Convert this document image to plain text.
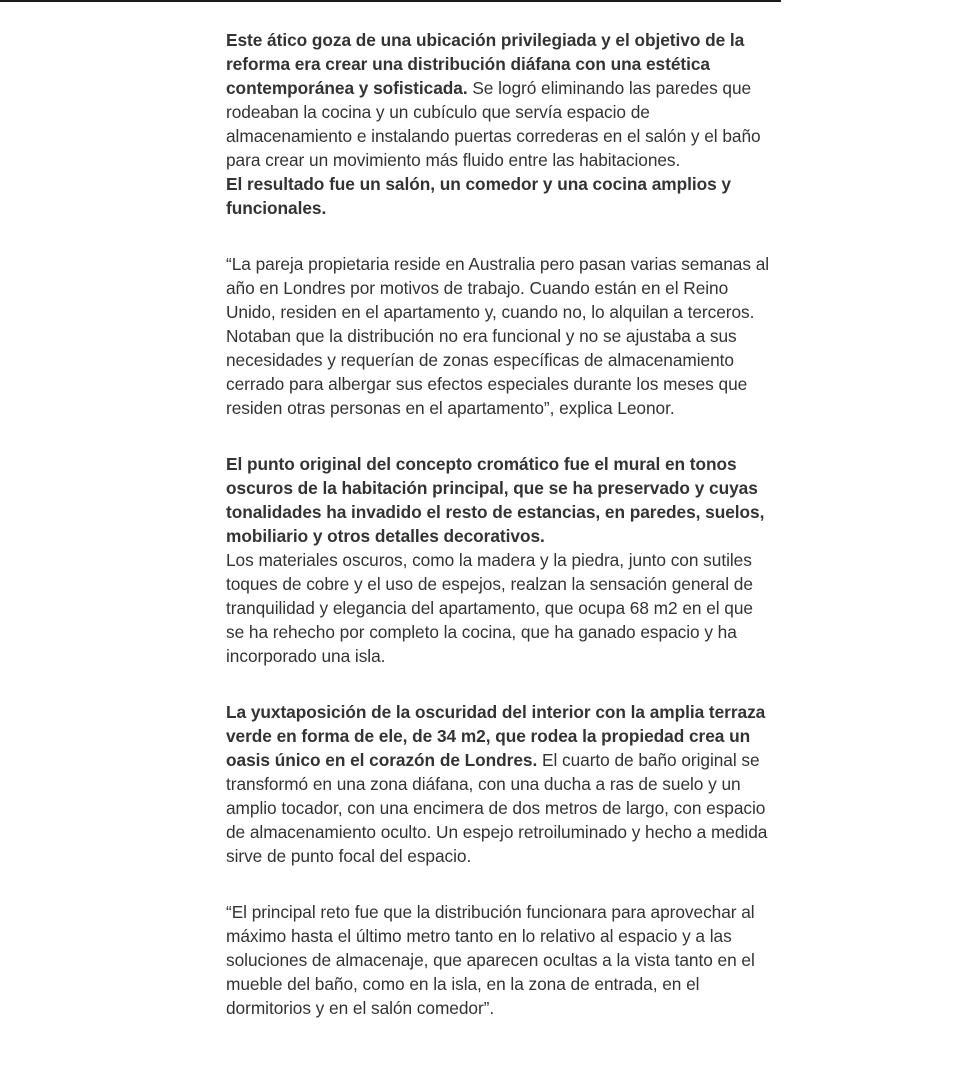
Este ático goza de una ubicación privilegiada y el objetivo de la reforma era crear una distribución diáfana con una estética contemporánea y sofisticada. Se logró eliminando las paredes que rodeaban la cocina y un cubículo que servía espacio de almacenamiento e instalando puertas correderas en el salón y el baño para crear un movimiento más fluido entre las habitaciones.
El resultado fue un salón, un comedor y una cocina amplios y funcionales.

“La pareja propietaria reside en Australia pero pasan varias semanas al año en Londres por motivos de trabajo. Cuando están en el Reino Unido, residen en el apartamento y, cuando no, lo alquilan a terceros. Notaban que la distribución no era funcional y no se ajustaba a sus necesidades y requerían de zonas específicas de almacenamiento cerrado para albergar sus efectos especiales durante los meses que residen otras personas en el apartamento”, explica Leonor.

El punto original del concepto cromático fue el mural en tonos oscuros de la habitación principal, que se ha preservado y cuyas tonalidades ha invadido el resto de estancias, en paredes, suelos, mobiliario y otros detalles decorativos.
Los materiales oscuros, como la madera y la piedra, junto con sutiles toques de cobre y el uso de espejos, realzan la sensación general de tranquilidad y elegancia del apartamento, que ocupa 68 m2 en el que se ha rehecho por completo la cocina, que ha ganado espacio y ha incorporado una isla.

La yuxtaposición de la oscuridad del interior con la amplia terraza verde en forma de ele, de 34 m2, que rodea la propiedad crea un oasis único en el corazón de Londres. El cuarto de baño original se transformó en una zona diáfana, con una ducha a ras de suelo y un amplio tocador, con una encimera de dos metros de largo, con espacio de almacenamiento oculto. Un espejo retroiluminado y hecho a medida sirve de punto focal del espacio.

“El principal reto fue que la distribución funcionara para aprovechar al máximo hasta el último metro tanto en lo relativo al espacio y a las soluciones de almacenaje, que aparecen ocultas a la vista tanto en el mueble del baño, como en la isla, en la zona de entrada, en el dormitorios y en el salón comedor”.
